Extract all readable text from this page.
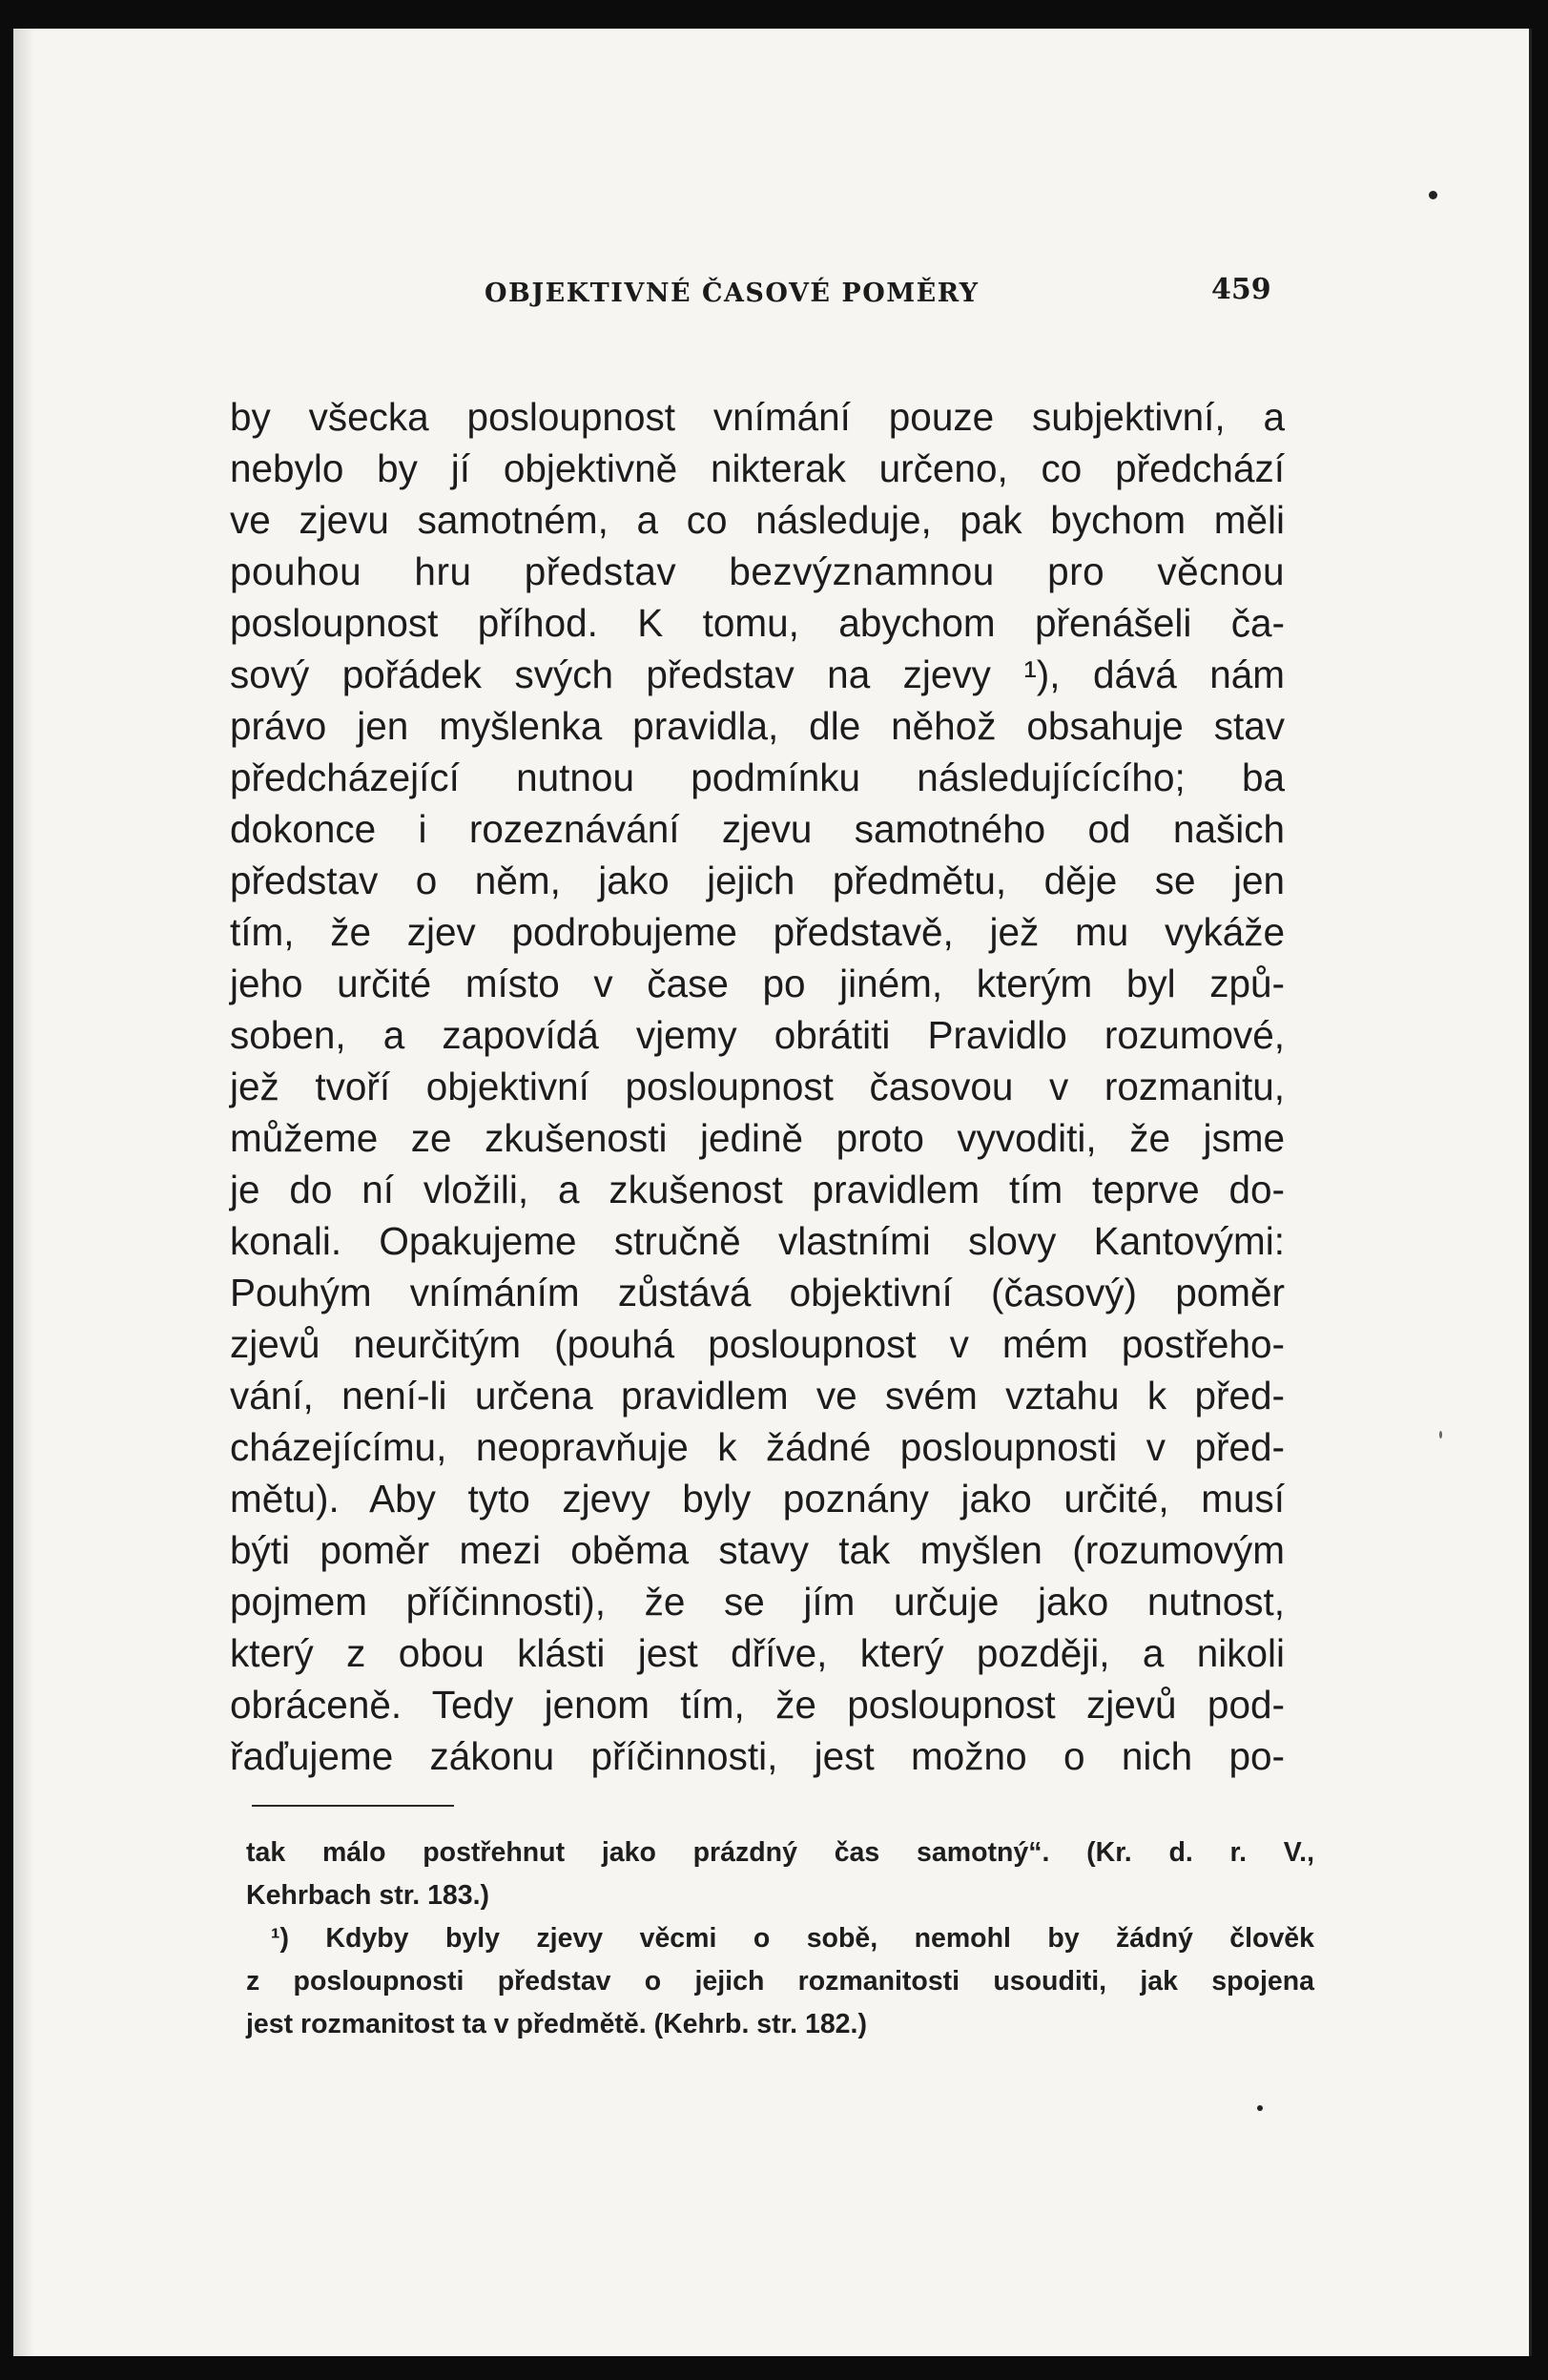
OBJEKTIVNÉ ČASOVÉ POMĚRY	459
by všecka posloupnost vnímání pouze subjektivní, a
nebylo by jí objektivně nikterak určeno, co předchází
ve zjevu samotném, a co následuje, pak bychom měli
pouhou hru představ bezvýznamnou pro věcnou
posloupnost příhod. K tomu, abychom přenášeli ča-
sový pořádek svých představ na zjevy ¹), dává nám
právo jen myšlenka pravidla, dle něhož obsahuje stav
předcházející nutnou podmínku následujícícího; ba
dokonce i rozeznávání zjevu samotného od našich
představ o něm, jako jejich předmětu, děje se jen
tím, že zjev podrobujeme představě, jež mu vykáže
jeho určité místo v čase po jiném, kterým byl způ-
soben, a zapovídá vjemy obrátiti Pravidlo rozumové,
jež tvoří objektivní posloupnost časovou v rozmanitu,
můžeme ze zkušenosti jedině proto vyvoditi, že jsme
je do ní vložili, a zkušenost pravidlem tím teprve do-
konali. Opakujeme stručně vlastními slovy Kantovými:
Pouhým vnímáním zůstává objektivní (časový) poměr
zjevů neurčitým (pouhá posloupnost v mém postřeho-
vání, není-li určena pravidlem ve svém vztahu k před-
cházejícímu, neopravňuje k žádné posloupnosti v před-
mětu). Aby tyto zjevy byly poznány jako určité, musí
býti poměr mezi oběma stavy tak myšlen (rozumovým
pojmem příčinnosti), že se jím určuje jako nutnost,
který z obou klásti jest dříve, který později, a nikoli
obráceně. Tedy jenom tím, že posloupnost zjevů pod-
řaďujeme zákonu příčinnosti, jest možno o nich po-
tak málo postřehnut jako prázdný čas samotný“. (Kr. d. r. V.,
Kehrbach str. 183.)
¹) Kdyby byly zjevy věcmi o sobě, nemohl by žádný člověk
z posloupnosti představ o jejich rozmanitosti usouditi, jak spojena
jest rozmanitost ta v předmětě. (Kehrb. str. 182.)
